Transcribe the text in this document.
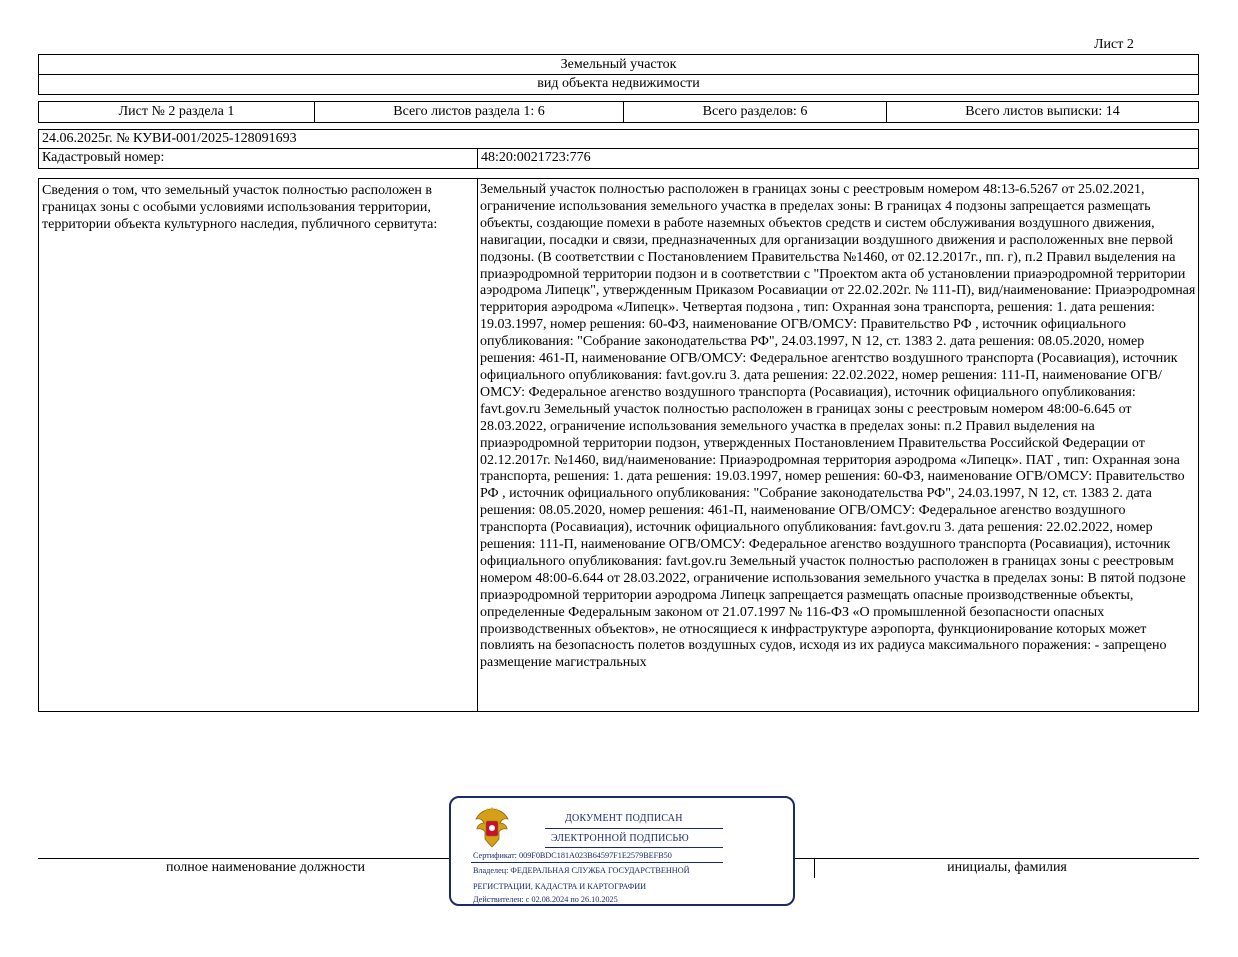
Лист 2
Земельный участок
вид объекта недвижимости
Лист № 2 раздела 1	Всего листов раздела 1: 6	Всего разделов: 6	Всего листов выписки: 14
24.06.2025г. № КУВИ-001/2025-128091693
Кадастровый номер:	48:20:0021723:776
Сведения о том, что земельный участок полностью расположен в границах зоны с особыми условиями использования территории, территории объекта культурного наследия, публичного сервитута:
Земельный участок полностью расположен в границах зоны с реестровым номером 48:13-6.5267 от 25.02.2021, ограничение использования земельного участка в пределах зоны: В границах 4 подзоны запрещается размещать объекты, создающие помехи в работе наземных объектов средств и систем обслуживания воздушного движения, навигации, посадки и связи, предназначенных для организации воздушного движения и расположенных вне первой подзоны. (В соответствии с Постановлением Правительства №1460, от 02.12.2017г., пп. г), п.2 Правил выделения на приаэродромной территории подзон и в соответствии с "Проектом акта об установлении приаэродромной территории аэродрома Липецк", утвержденным Приказом Росавиации от 22.02.202г. № 111-П), вид/наименование: Приаэродромная территория аэродрома «Липецк». Четвертая подзона , тип: Охранная зона транспорта, решения: 1. дата решения: 19.03.1997, номер решения: 60-ФЗ, наименование ОГВ/ОМСУ: Правительство РФ , источник официального опубликования: "Собрание законодательства РФ", 24.03.1997, N 12, ст. 1383 2. дата решения: 08.05.2020, номер решения: 461-П, наименование ОГВ/ОМСУ: Федеральное агентство воздушного транспорта (Росавиация), источник официального опубликования: favt.gov.ru 3. дата решения: 22.02.2022, номер решения: 111-П, наименование ОГВ/ОМСУ: Федеральное агенство воздушного транспорта (Росавиация), источник официального опубликования: favt.gov.ru Земельный участок полностью расположен в границах зоны с реестровым номером 48:00-6.645 от 28.03.2022, ограничение использования земельного участка в пределах зоны: п.2 Правил выделения на приаэродромной территории подзон, утвержденных Постановлением Правительства Российской Федерации от 02.12.2017г. №1460, вид/наименование: Приаэродромная территория аэродрома «Липецк». ПАТ , тип: Охранная зона транспорта, решения: 1. дата решения: 19.03.1997, номер решения: 60-ФЗ, наименование ОГВ/ОМСУ: Правительство РФ , источник официального опубликования: "Собрание законодательства РФ", 24.03.1997, N 12, ст. 1383 2. дата решения: 08.05.2020, номер решения: 461-П, наименование ОГВ/ОМСУ: Федеральное агенство воздушного транспорта (Росавиация), источник официального опубликования: favt.gov.ru 3. дата решения: 22.02.2022, номер решения: 111-П, наименование ОГВ/ОМСУ: Федеральное агенство воздушного транспорта (Росавиация), источник официального опубликования: favt.gov.ru Земельный участок полностью расположен в границах зоны с реестровым номером 48:00-6.644 от 28.03.2022, ограничение использования земельного участка в пределах зоны: В пятой подзоне приаэродромной территории аэродрома Липецк запрещается размещать опасные производственные объекты, определенные Федеральным законом от 21.07.1997 № 116-ФЗ «О промышленной безопасности опасных производственных объектов», не относящиеся к инфраструктуре аэропорта, функционирование которых может повлиять на безопасность полетов воздушных судов, исходя из их радиуса максимального поражения: - запрещено размещение магистральных
полное наименование должности	инициалы, фамилия
ДОКУМЕНТ ПОДПИСАН
ЭЛЕКТРОННОЙ ПОДПИСЬЮ
Сертификат: 009F0BDC181A023B64597F1E2579BEFB50
Владелец: ФЕДЕРАЛЬНАЯ СЛУЖБА ГОСУДАРСТВЕННОЙ
РЕГИСТРАЦИИ, КАДАСТРА И КАРТОГРАФИИ
Действителен: с 02.08.2024 по 26.10.2025
